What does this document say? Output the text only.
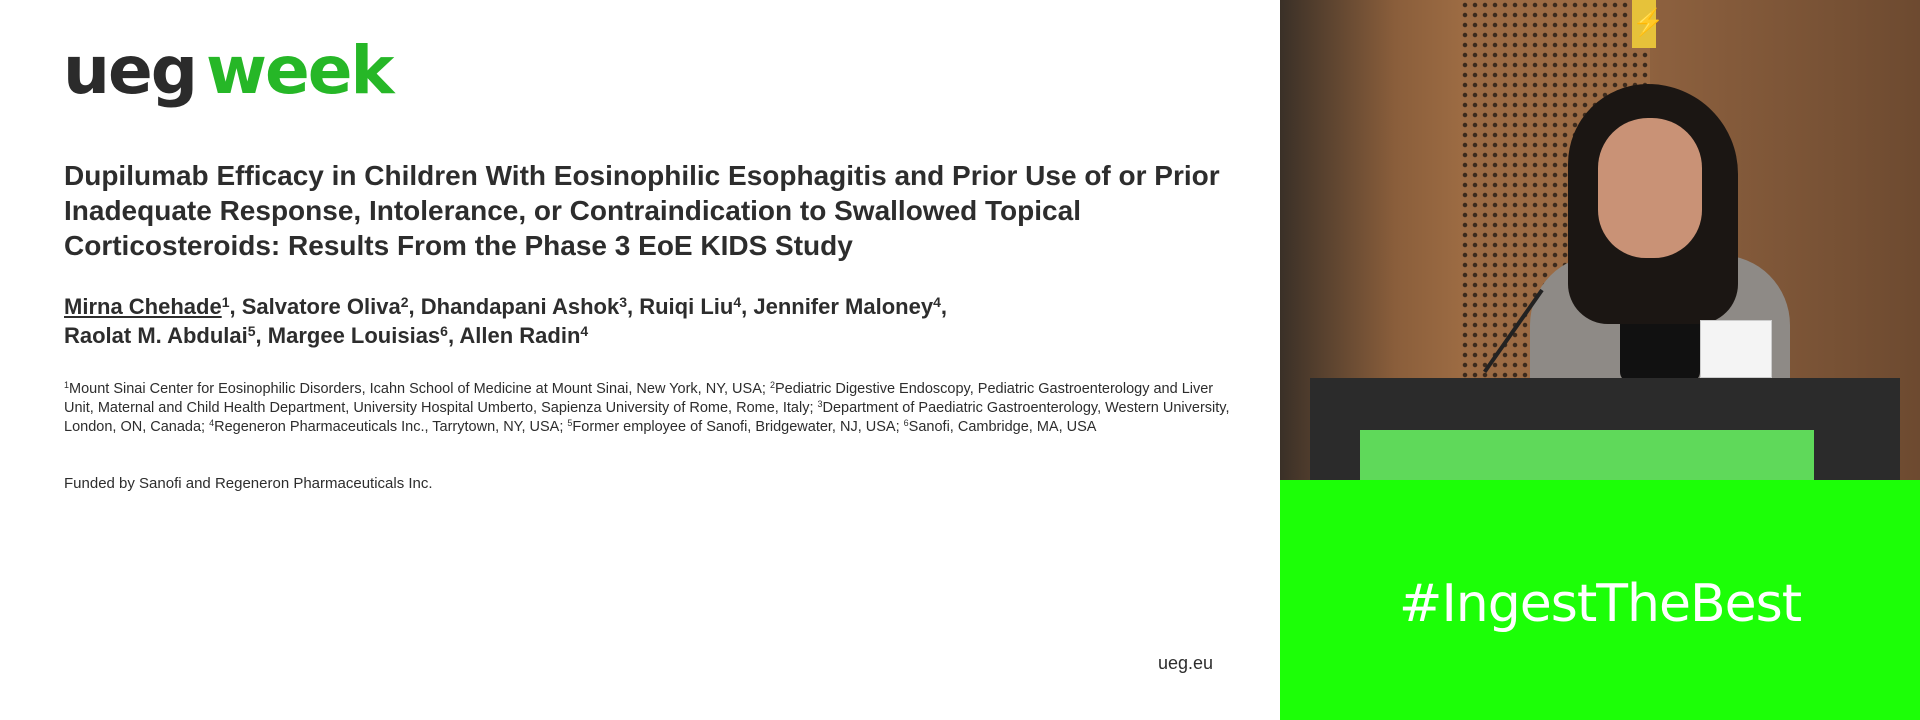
ueg week
Dupilumab Efficacy in Children With Eosinophilic Esophagitis and Prior Use of or Prior Inadequate Response, Intolerance, or Contraindication to Swallowed Topical Corticosteroids: Results From the Phase 3 EoE KIDS Study
Mirna Chehade$^1$, Salvatore Oliva$^2$, Dhandapani Ashok$^3$, Ruiqi Liu$^4$, Jennifer Maloney$^4$,
Raolat M. Abdulai$^5$, Margee Louisias$^6$, Allen Radin$^4$
$^1$Mount Sinai Center for Eosinophilic Disorders, Icahn School of Medicine at Mount Sinai, New York, NY, USA; $^2$Pediatric Digestive Endoscopy, Pediatric Gastroenterology and Liver Unit, Maternal and Child Health Department, University Hospital Umberto, Sapienza University of Rome, Rome, Italy; $^3$Department of Paediatric Gastroenterology, Western University, London, ON, Canada; $^4$Regeneron Pharmaceuticals Inc., Tarrytown, NY, USA; $^5$Former employee of Sanofi, Bridgewater, NJ, USA; $^6$Sanofi, Cambridge, MA, USA
Funded by Sanofi and Regeneron Pharmaceuticals Inc.
ueg.eu
⚡
#IngestTheBest
